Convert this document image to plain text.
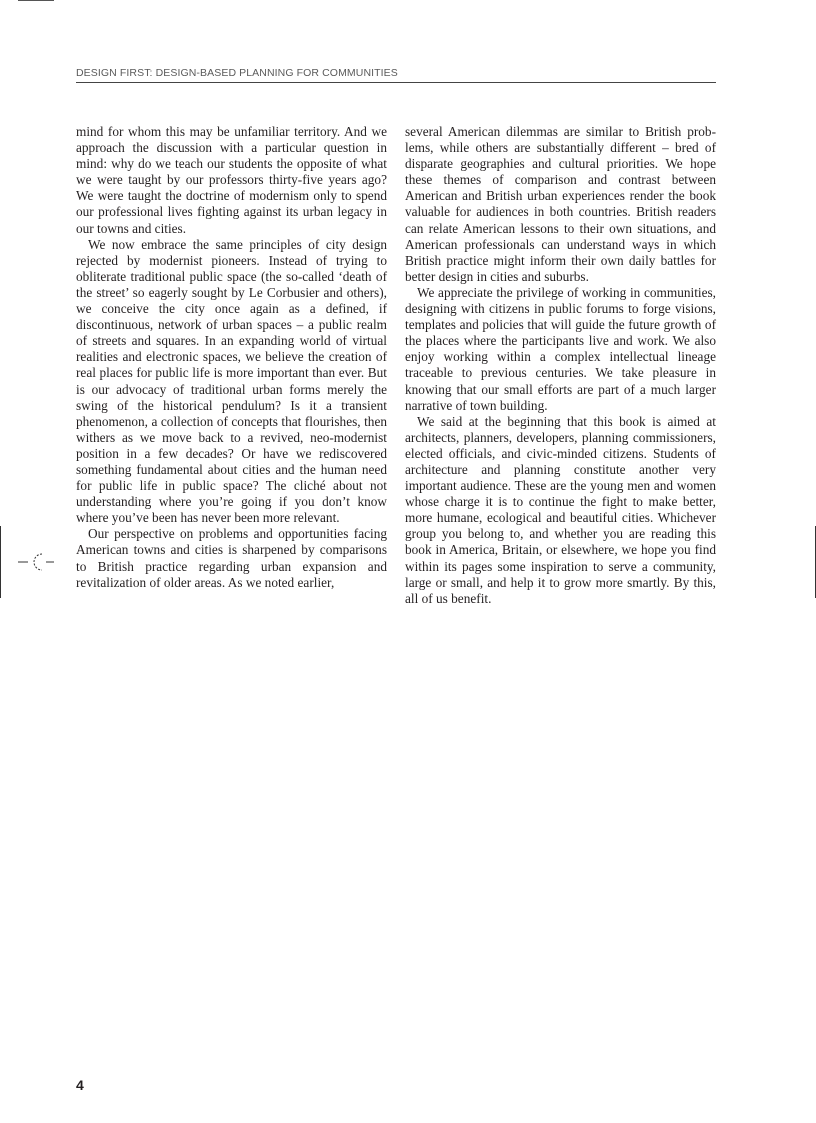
DESIGN FIRST: DESIGN-BASED PLANNING FOR COMMUNITIES

mind for whom this may be unfamiliar territory. And we approach the discussion with a particular question in mind: why do we teach our students the opposite of what we were taught by our professors thirty-five years ago? We were taught the doctrine of modernism only to spend our professional lives fighting against its urban legacy in our towns and cities.

We now embrace the same principles of city design rejected by modernist pioneers. Instead of trying to obliterate traditional public space (the so-called ‘death of the street’ so eagerly sought by Le Corbusier and others), we conceive the city once again as a defined, if discontinuous, network of urban spaces – a public realm of streets and squares. In an expanding world of virtual realities and electronic spaces, we believe the creation of real places for public life is more important than ever. But is our advocacy of traditional urban forms merely the swing of the historical pendulum? Is it a transient phenomenon, a collection of concepts that flourishes, then withers as we move back to a revived, neo-modernist position in a few decades? Or have we rediscovered something fundamental about cities and the human need for public life in public space? The cliché about not understanding where you’re going if you don’t know where you’ve been has never been more relevant.

Our perspective on problems and opportunities facing American towns and cities is sharpened by comparisons to British practice regarding urban expansion and revitalization of older areas. As we noted earlier,

several American dilemmas are similar to British problems, while others are substantially different – bred of disparate geographies and cultural priorities. We hope these themes of comparison and contrast between American and British urban experiences render the book valuable for audiences in both countries. British readers can relate American lessons to their own situations, and American professionals can understand ways in which British practice might inform their own daily battles for better design in cities and suburbs.

We appreciate the privilege of working in communities, designing with citizens in public forums to forge visions, templates and policies that will guide the future growth of the places where the participants live and work. We also enjoy working within a complex intellectual lineage traceable to previous centuries. We take pleasure in knowing that our small efforts are part of a much larger narrative of town building.

We said at the beginning that this book is aimed at architects, planners, developers, planning commissioners, elected officials, and civic-minded citizens. Students of architecture and planning constitute another very important audience. These are the young men and women whose charge it is to continue the fight to make better, more humane, ecological and beautiful cities. Whichever group you belong to, and whether you are reading this book in America, Britain, or elsewhere, we hope you find within its pages some inspiration to serve a community, large or small, and help it to grow more smartly. By this, all of us benefit.

4
